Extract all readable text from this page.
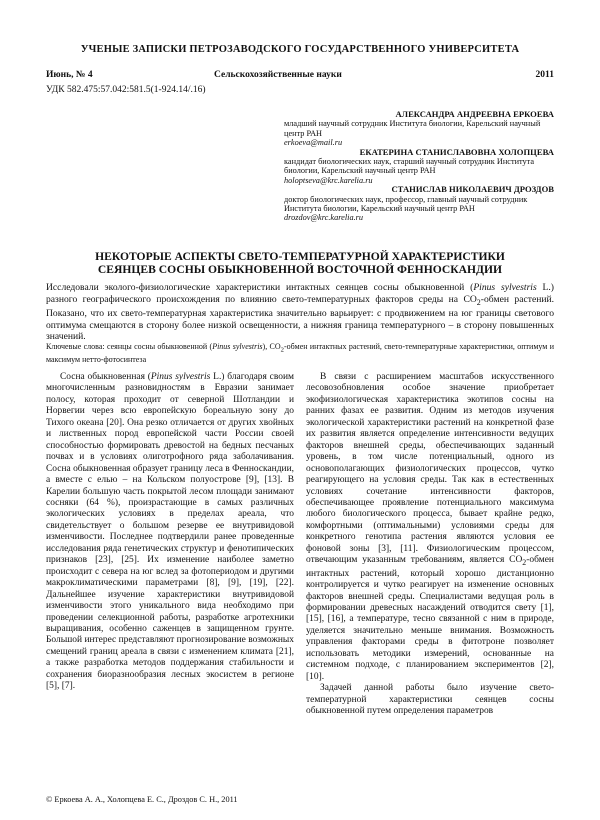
УЧЕНЫЕ ЗАПИСКИ ПЕТРОЗАВОДСКОГО ГОСУДАРСТВЕННОГО УНИВЕРСИТЕТА
Июнь, № 4	Сельскохозяйственные науки	2011
УДК 582.475:57.042:581.5(1-924.14/.16)
АЛЕКСАНДРА АНДРЕЕВНА ЕРКОЕВА
младший научный сотрудник Института биологии, Карельский научный центр РАН
erkoeva@mail.ru
ЕКАТЕРИНА СТАНИСЛАВОВНА ХОЛОПЦЕВА
кандидат биологических наук, старший научный сотрудник Института биологии, Карельский научный центр РАН
holoptseva@krc.karelia.ru
СТАНИСЛАВ НИКОЛАЕВИЧ ДРОЗДОВ
доктор биологических наук, профессор, главный научный сотрудник Института биологии, Карельский научный центр РАН
drozdov@krc.karelia.ru
НЕКОТОРЫЕ АСПЕКТЫ СВЕТО-ТЕМПЕРАТУРНОЙ ХАРАКТЕРИСТИКИ
СЕЯНЦЕВ СОСНЫ ОБЫКНОВЕННОЙ ВОСТОЧНОЙ ФЕННОСКАНДИИ
Исследовали эколого-физиологические характеристики интактных сеянцев сосны обыкновенной (Pinus sylvestris L.) разного географического происхождения по влиянию свето-температурных факторов среды на $CO_2$-обмен растений. Показано, что их свето-температурная характеристика значительно варьирует: с продвижением на юг границы светового оптимума смещаются в сторону более низкой освещенности, а нижняя граница температурного – в сторону повышенных значений.
Ключевые слова: сеянцы сосны обыкновенной (Pinus sylvestris), $CO_2$-обмен интактных растений, свето-температурные характеристики, оптимум и максимум нетто-фотосинтеза

Сосна обыкновенная (Pinus sylvestris L.) благодаря своим многочисленным разновидностям в Евразии занимает полосу, которая проходит от северной Шотландии и Норвегии через всю европейскую бореальную зону до Тихого океана [20]. Она резко отличается от других хвойных и лиственных пород европейской части России своей способностью формировать древостой на бедных песчаных почвах и в условиях олиготрофного ряда заболачивания. Сосна обыкновенная образует границу леса в Фенноскандии, а вместе с елью – на Кольском полуострове [9], [13]. В Карелии большую часть покрытой лесом площади занимают сосняки (64 %), произрастающие в самых различных экологических условиях в пределах ареала, что свидетельствует о большом резерве ее внутривидовой изменчивости. Последнее подтвердили ранее проведенные исследования ряда генетических структур и фенотипических признаков [23], [25]. Их изменение наиболее заметно происходит с севера на юг вслед за фотопериодом и другими макроклиматическими параметрами [8], [9], [19], [22]. Дальнейшее изучение характеристики внутривидовой изменчивости этого уникального вида необходимо при проведении селекционной работы, разработке агротехники выращивания, особенно саженцев в защищенном грунте. Большой интерес представляют прогнозирование возможных смещений границ ареала в связи с изменением климата [21], а также разработка методов поддержания стабильности и сохранения биоразнообразия лесных экосистем в регионе [5], [7].

В связи с расширением масштабов искусственного лесовозобновления особое значение приобретает экофизиологическая характеристика экотипов сосны на ранних фазах ее развития. Одним из методов изучения экологической характеристики растений на конкретной фазе их развития является определение интенсивности ведущих факторов внешней среды, обеспечивающих заданный уровень, в том числе потенциальный, одного из основополагающих физиологических процессов, чутко реагирующего на условия среды. Так как в естественных условиях сочетание интенсивности факторов, обеспечивающее проявление потенциального максимума любого биологического процесса, бывает крайне редко, комфортными (оптимальными) условиями среды для конкретного генотипа растения являются условия ее фоновой зоны [3], [11]. Физиологическим процессом, отвечающим указанным требованиям, является $CO_2$-обмен интактных растений, который хорошо дистанционно контролируется и чутко реагирует на изменение основных факторов внешней среды. Специалистами ведущая роль в формировании древесных насаждений отводится свету [1], [15], [16], а температуре, тесно связанной с ним в природе, уделяется значительно меньше внимания. Возможность управления факторами среды в фитотроне позволяет использовать методики измерений, основанные на системном подходе, с планированием экспериментов [2], [10].

Задачей данной работы было изучение свето-температурной характеристики сеянцев сосны обыкновенной путем определения параметров

© Еркоева А. А., Холопцева Е. С., Дроздов С. Н., 2011
